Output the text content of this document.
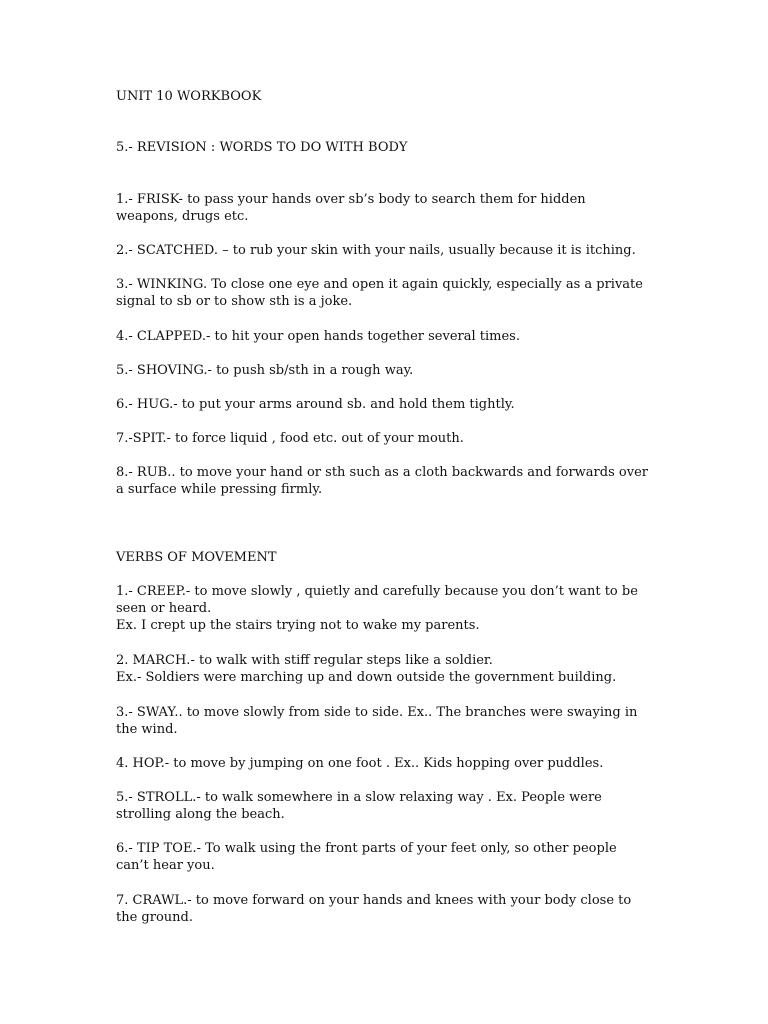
UNIT 10 WORKBOOK

5.- REVISION : WORDS TO DO WITH BODY

1.- FRISK- to pass your hands over sb’s body to search them for hidden

weapons, drugs etc.

2.- SCATCHED. – to rub your skin with your nails, usually because it is itching.

3.- WINKING. To close one eye and open it again quickly, especially as a private

signal to sb or to show sth is a joke.

4.- CLAPPED.- to hit your open hands together several times.

5.- SHOVING.- to push sb/sth in a rough way.

6.- HUG.- to put your arms around sb. and hold them tightly.

7.-SPIT.- to force liquid , food etc. out of your mouth.

8.- RUB.. to move your hand or sth such as a cloth backwards and forwards over

a surface while pressing firmly.

VERBS OF MOVEMENT

1.- CREEP.- to move slowly , quietly and carefully because you don’t want to be

seen or heard.

Ex. I crept up the stairs trying not to wake my parents.

2. MARCH.- to walk with stiff regular steps like a soldier.

Ex.- Soldiers were marching up and down outside the government building.

3.- SWAY.. to move slowly from side to side. Ex.. The branches were swaying in

the wind.

4. HOP.- to move by jumping on one foot . Ex.. Kids hopping over puddles.

5.- STROLL.- to walk somewhere in a slow relaxing way . Ex. People were

strolling along the beach.

6.- TIP TOE.- To walk using the front parts of your feet only, so other people

can’t hear you.

7. CRAWL.- to move forward on your hands and knees with your body close to

the ground.
